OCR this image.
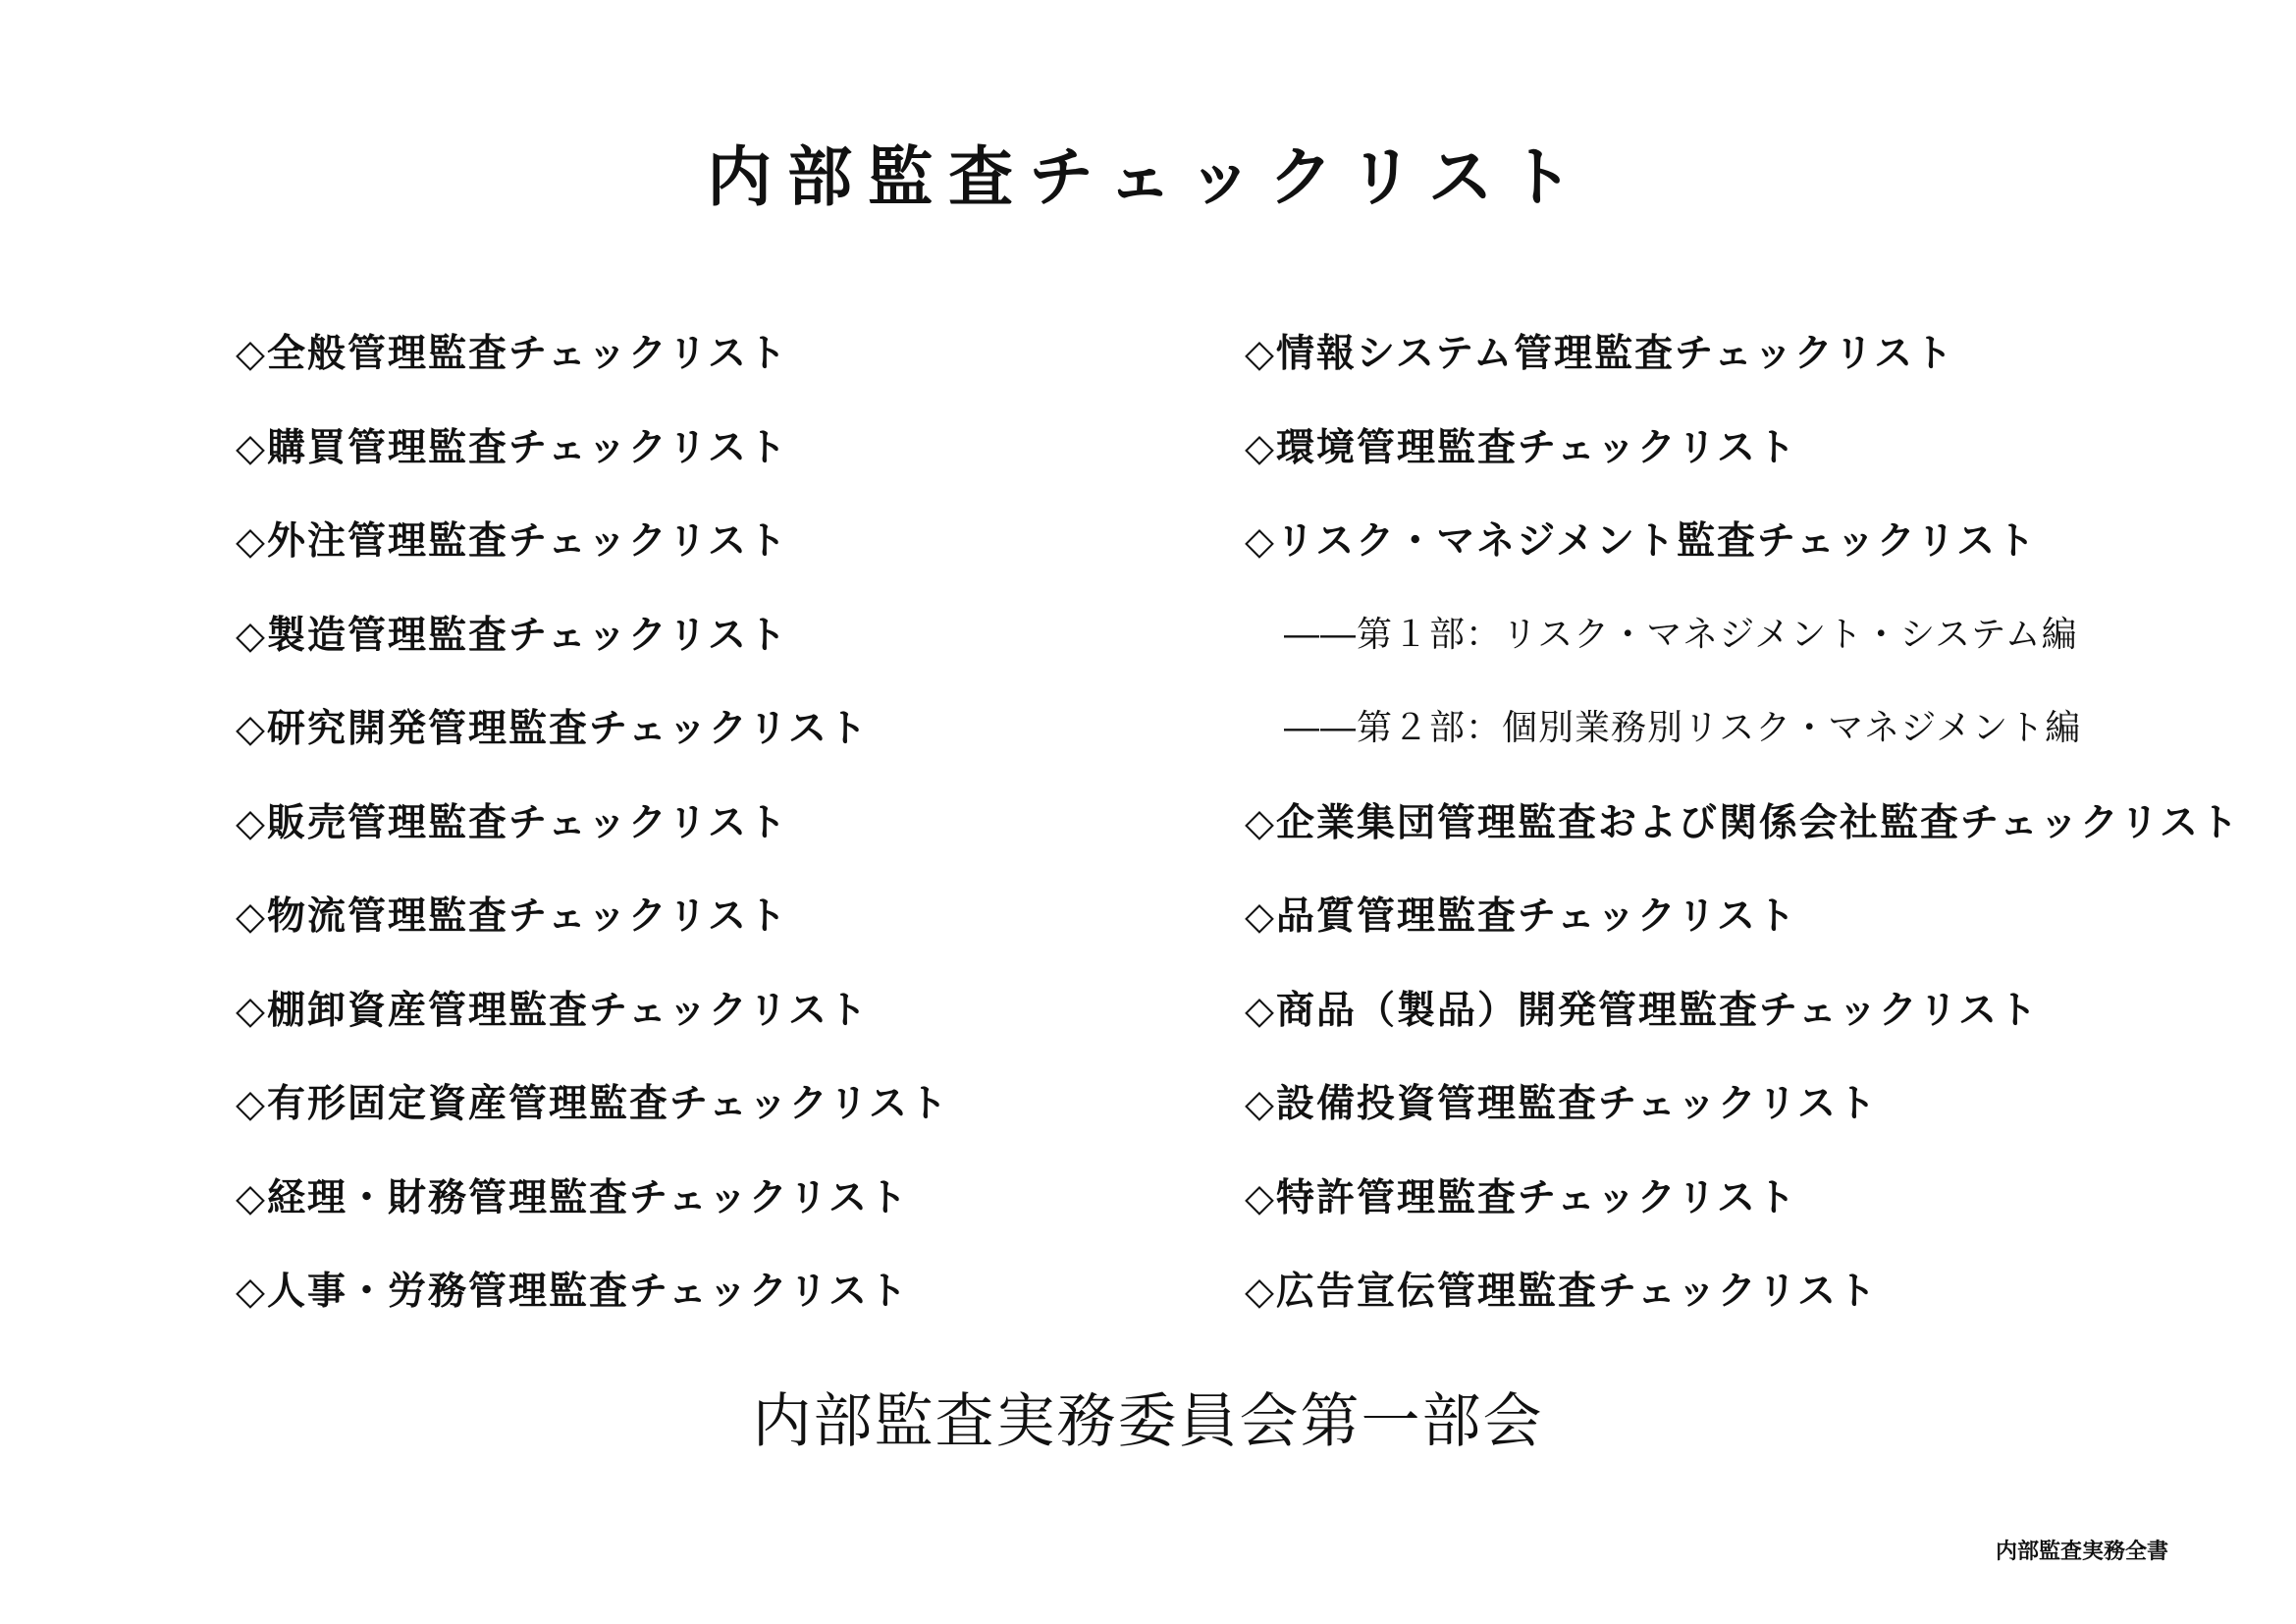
内部監査チェックリスト
◇全般管理監査チェックリスト
◇購買管理監査チェックリスト
◇外注管理監査チェックリスト
◇製造管理監査チェックリスト
◇研究開発管理監査チェックリスト
◇販売管理監査チェックリスト
◇物流管理監査チェックリスト
◇棚卸資産管理監査チェックリスト
◇有形固定資産管理監査チェックリスト
◇経理・財務管理監査チェックリスト
◇人事・労務管理監査チェックリスト
◇情報システム管理監査チェックリスト
◇環境管理監査チェックリスト
◇リスク・マネジメント監査チェックリスト
――第１部：リスク・マネジメント・システム編
――第２部：個別業務別リスク・マネジメント編
◇企業集団管理監査および関係会社監査チェックリスト
◇品質管理監査チェックリスト
◇商品（製品）開発管理監査チェックリスト
◇設備投資管理監査チェックリスト
◇特許管理監査チェックリスト
◇広告宣伝管理監査チェックリスト
内部監査実務委員会第一部会
内部監査実務全書
